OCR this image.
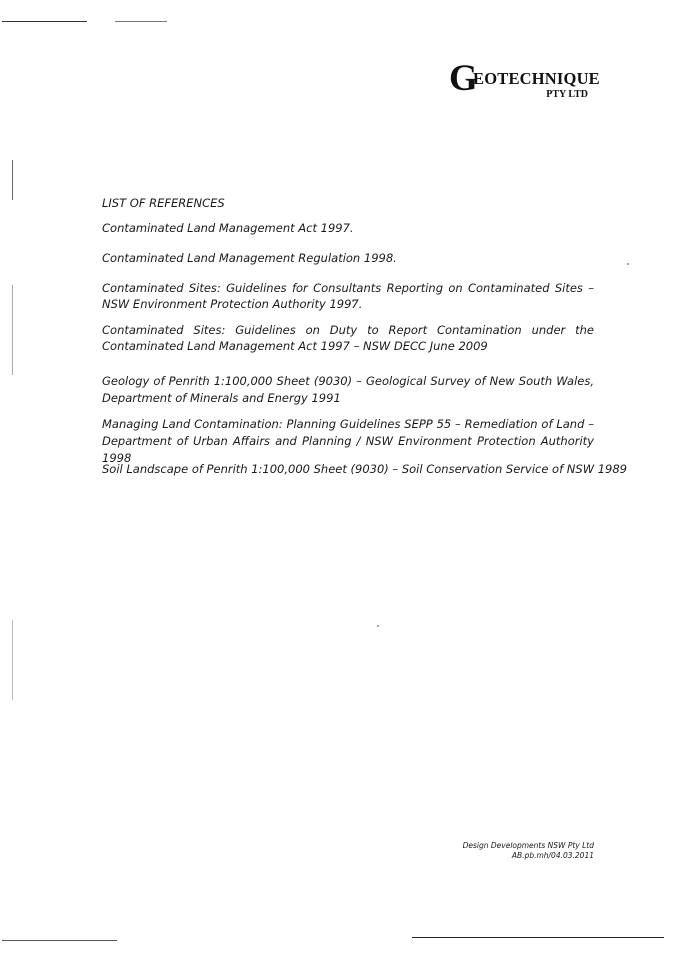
G
EOTECHNIQUE
PTY LTD
LIST OF REFERENCES

Contaminated Land Management Act 1997.

Contaminated Land Management Regulation 1998.

Contaminated Sites: Guidelines for Consultants Reporting on Contaminated Sites – NSW Environment Protection Authority 1997.

Contaminated Sites: Guidelines on Duty to Report Contamination under the Contaminated Land Management Act 1997 – NSW DECC June 2009

Geology of Penrith 1:100,000 Sheet (9030) – Geological Survey of New South Wales, Department of Minerals and Energy 1991

Managing Land Contamination: Planning Guidelines SEPP 55 – Remediation of Land – Department of Urban Affairs and Planning / NSW Environment Protection Authority 1998

Soil Landscape of Penrith 1:100,000 Sheet (9030) – Soil Conservation Service of NSW 1989

Design Developments NSW Pty Ltd
AB.pb.mh/04.03.2011
